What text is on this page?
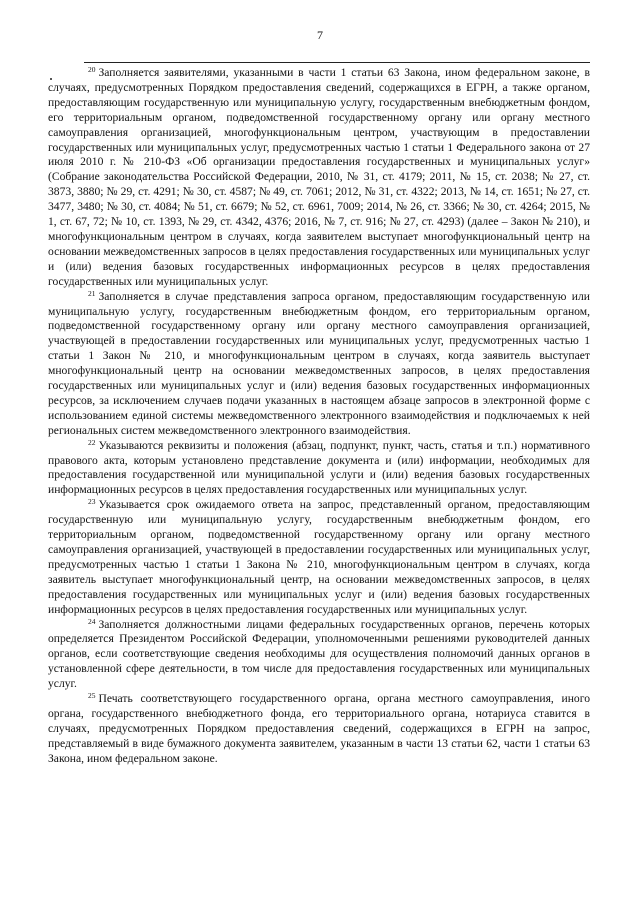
7

$^{20}$ Заполняется заявителями, указанными в части 1 статьи 63 Закона, ином федеральном законе, в случаях, предусмотренных Порядком предоставления сведений, содержащихся в ЕГРН, а также органом, предоставляющим государственную или муниципальную услугу, государственным внебюджетным фондом, его территориальным органом, подведомственной государственному органу или органу местного самоуправления организацией, многофункциональным центром, участвующим в предоставлении государственных или муниципальных услуг, предусмотренных частью 1 статьи 1 Федерального закона от 27 июля 2010 г. № 210-ФЗ «Об организации предоставления государственных и муниципальных услуг» (Собрание законодательства Российской Федерации, 2010, № 31, ст. 4179; 2011, № 15, ст. 2038; № 27, ст. 3873, 3880; № 29, ст. 4291; № 30, ст. 4587; № 49, ст. 7061; 2012, № 31, ст. 4322; 2013, № 14, ст. 1651; № 27, ст. 3477, 3480; № 30, ст. 4084; № 51, ст. 6679; № 52, ст. 6961, 7009; 2014, № 26, ст. 3366; № 30, ст. 4264; 2015, № 1, ст. 67, 72; № 10, ст. 1393, № 29, ст. 4342, 4376; 2016, № 7, ст. 916; № 27, ст. 4293) (далее – Закон № 210), и многофункциональным центром в случаях, когда заявителем выступает многофункциональный центр на основании межведомственных запросов в целях предоставления государственных или муниципальных услуг и (или) ведения базовых государственных информационных ресурсов в целях предоставления государственных или муниципальных услуг.

$^{21}$ Заполняется в случае представления запроса органом, предоставляющим государственную или муниципальную услугу, государственным внебюджетным фондом, его территориальным органом, подведомственной государственному органу или органу местного самоуправления организацией, участвующей в предоставлении государственных или муниципальных услуг, предусмотренных частью 1 статьи 1 Закон № 210, и многофункциональным центром в случаях, когда заявитель выступает многофункциональный центр на основании межведомственных запросов, в целях предоставления государственных или муниципальных услуг и (или) ведения базовых государственных информационных ресурсов, за исключением случаев подачи указанных в настоящем абзаце запросов в электронной форме с использованием единой системы межведомственного электронного взаимодействия и подключаемых к ней региональных систем межведомственного электронного взаимодействия.

$^{22}$ Указываются реквизиты и положения (абзац, подпункт, пункт, часть, статья и т.п.) нормативного правового акта, которым установлено представление документа и (или) информации, необходимых для предоставления государственной или муниципальной услуги и (или) ведения базовых государственных информационных ресурсов в целях предоставления государственных или муниципальных услуг.

$^{23}$ Указывается срок ожидаемого ответа на запрос, представленный органом, предоставляющим государственную или муниципальную услугу, государственным внебюджетным фондом, его территориальным органом, подведомственной государственному органу или органу местного самоуправления организацией, участвующей в предоставлении государственных или муниципальных услуг, предусмотренных частью 1 статьи 1 Закона № 210, многофункциональным центром в случаях, когда заявитель выступает многофункциональный центр, на основании межведомственных запросов, в целях предоставления государственных или муниципальных услуг и (или) ведения базовых государственных информационных ресурсов в целях предоставления государственных или муниципальных услуг.

$^{24}$ Заполняется должностными лицами федеральных государственных органов, перечень которых определяется Президентом Российской Федерации, уполномоченными решениями руководителей данных органов, если соответствующие сведения необходимы для осуществления полномочий данных органов в установленной сфере деятельности, в том числе для предоставления государственных или муниципальных услуг.

$^{25}$ Печать соответствующего государственного органа, органа местного самоуправления, иного органа, государственного внебюджетного фонда, его территориального органа, нотариуса ставится в случаях, предусмотренных Порядком предоставления сведений, содержащихся в ЕГРН на запрос, представляемый в виде бумажного документа заявителем, указанным в части 13 статьи 62, части 1 статьи 63 Закона, ином федеральном законе.
